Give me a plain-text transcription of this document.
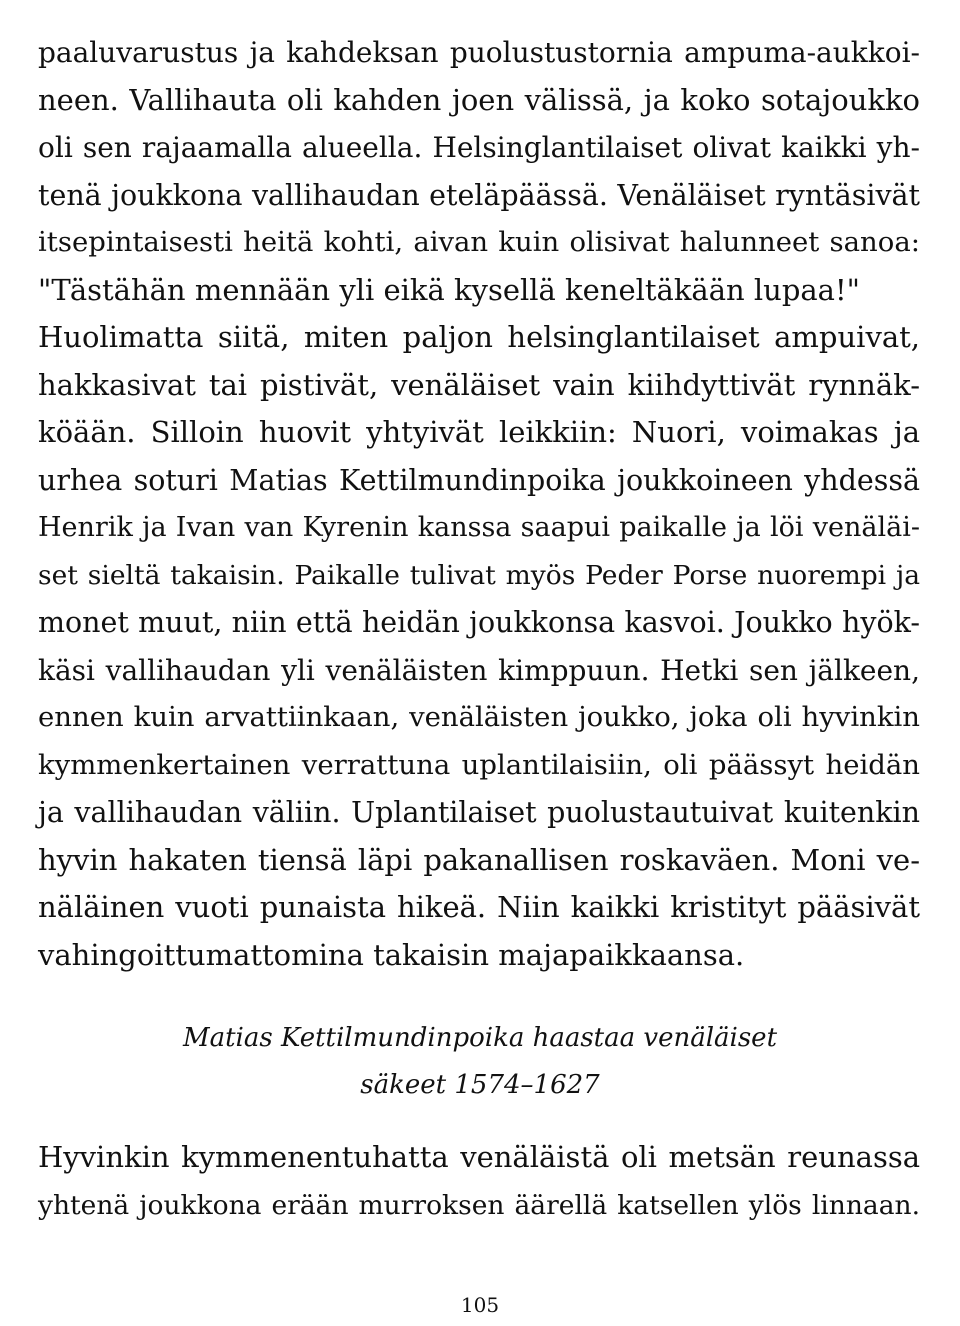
paaluvarustus ja kahdeksan puolustustornia ampuma-aukkoi-
neen. Vallihauta oli kahden joen välissä, ja koko sotajoukko
oli sen rajaamalla alueella. Helsinglantilaiset olivat kaikki yh-
tenä joukkona vallihaudan eteläpäässä. Venäläiset ryntäsivät
itsepintaisesti heitä kohti, aivan kuin olisivat halunneet sanoa:
"Tästähän mennään yli eikä kysellä keneltäkään lupaa!"
Huolimatta siitä, miten paljon helsinglantilaiset ampuivat,
hakkasivat tai pistivät, venäläiset vain kiihdyttivät rynnäk-
köään. Silloin huovit yhtyivät leikkiin: Nuori, voimakas ja
urhea soturi Matias Kettilmundinpoika joukkoineen yhdessä
Henrik ja Ivan van Kyrenin kanssa saapui paikalle ja löi venäläi-
set sieltä takaisin. Paikalle tulivat myös Peder Porse nuorempi ja
monet muut, niin että heidän joukkonsa kasvoi. Joukko hyök-
käsi vallihaudan yli venäläisten kimppuun. Hetki sen jälkeen,
ennen kuin arvattiinkaan, venäläisten joukko, joka oli hyvinkin
kymmenkertainen verrattuna uplantilaisiin, oli päässyt heidän
ja vallihaudan väliin. Uplantilaiset puolustautuivat kuitenkin
hyvin hakaten tiensä läpi pakanallisen roskaväen. Moni ve-
näläinen vuoti punaista hikeä. Niin kaikki kristityt pääsivät
vahingoittumattomina takaisin majapaikkaansa.

Matias Kettilmundinpoika haastaa venäläiset

säkeet 1574–1627

Hyvinkin kymmenentuhatta venäläistä oli metsän reunassa
yhtenä joukkona erään murroksen äärellä katsellen ylös linnaan.
105
